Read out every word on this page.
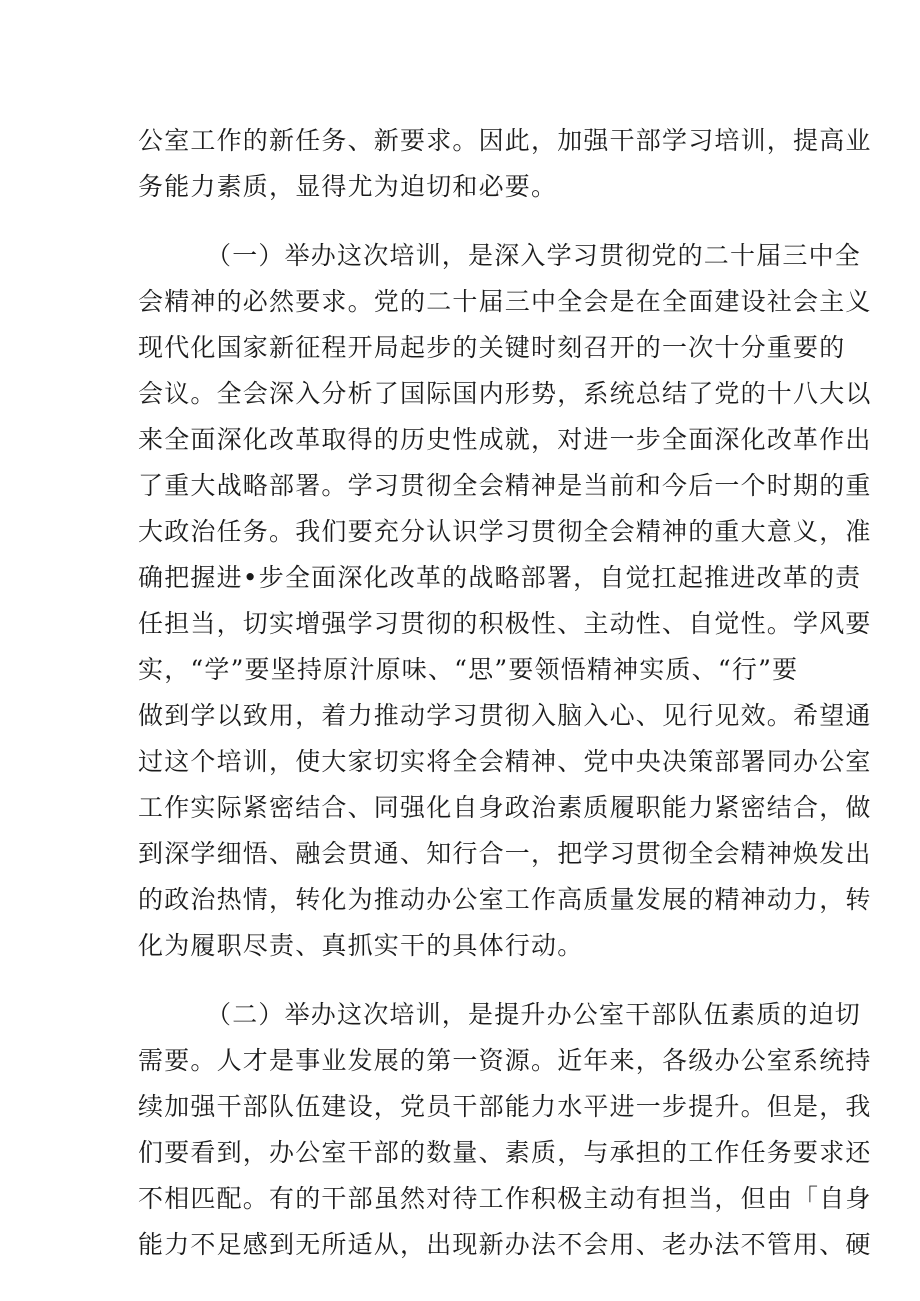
公室工作的新任务、新要求。因此，加强干部学习培训，提高业
务能力素质，显得尤为迫切和必要。
（一）举办这次培训，是深入学习贯彻党的二十届三中全
会精神的必然要求。党的二十届三中全会是在全面建设社会主义
现代化国家新征程开局起步的关键时刻召开的一次十分重要的
会议。全会深入分析了国际国内形势，系统总结了党的十八大以
来全面深化改革取得的历史性成就，对进一步全面深化改革作出
了重大战略部署。学习贯彻全会精神是当前和今后一个时期的重
大政治任务。我们要充分认识学习贯彻全会精神的重大意义，准
确把握进•步全面深化改革的战略部署，自觉扛起推进改革的责
任担当，切实增强学习贯彻的积极性、主动性、自觉性。学风要
实，“学”要坚持原汁原味、“思”要领悟精神实质、“行”要
做到学以致用，着力推动学习贯彻入脑入心、见行见效。希望通
过这个培训，使大家切实将全会精神、党中央决策部署同办公室
工作实际紧密结合、同强化自身政治素质履职能力紧密结合，做
到深学细悟、融会贯通、知行合一，把学习贯彻全会精神焕发出
的政治热情，转化为推动办公室工作高质量发展的精神动力，转
化为履职尽责、真抓实干的具体行动。
（二）举办这次培训，是提升办公室干部队伍素质的迫切
需要。人才是事业发展的第一资源。近年来，各级办公室系统持
续加强干部队伍建设，党员干部能力水平进一步提升。但是，我
们要看到，办公室干部的数量、素质，与承担的工作任务要求还
不相匹配。有的干部虽然对待工作积极主动有担当，但由「自身
能力不足感到无所适从，出现新办法不会用、老办法不管用、硬
